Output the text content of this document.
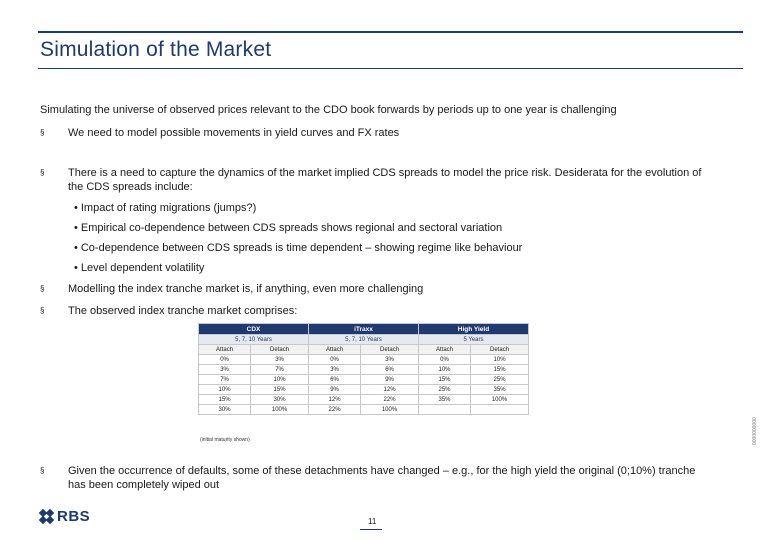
Simulation of the Market
Simulating the universe of observed prices relevant to the CDO book forwards by periods up to one year is challenging
§	We need to model possible movements in yield curves and FX rates
§	There is a need to capture the dynamics of the market implied CDS spreads to model the price risk. Desiderata for the evolution of the CDS spreads include:
• Impact of rating migrations (jumps?)
• Empirical co-dependence between CDS spreads shows regional and sectoral variation
• Co-dependence between CDS spreads is time dependent – showing regime like behaviour
• Level dependent volatility
§	Modelling the index tranche market is, if anything, even more challenging
§	The observed index tranche market comprises:
CDX		iTraxx		High Yield	
5, 7, 10 Years		5, 7, 10 Years		5 Years	
Attach	Detach	Attach	Detach	Attach	Detach
0%	3%	0%	3%	0%	10%
3%	7%	3%	6%	10%	15%
7%	10%	6%	9%	15%	25%
10%	15%	9%	12%	25%	35%
15%	30%	12%	22%	35%	100%
30%	100%	22%	100%		
(initial maturity shown)
§	Given the occurrence of defaults, some of these detachments have changed – e.g., for the high yield the original (0;10%) tranche has been completely wiped out
0000000000
RBS	11
